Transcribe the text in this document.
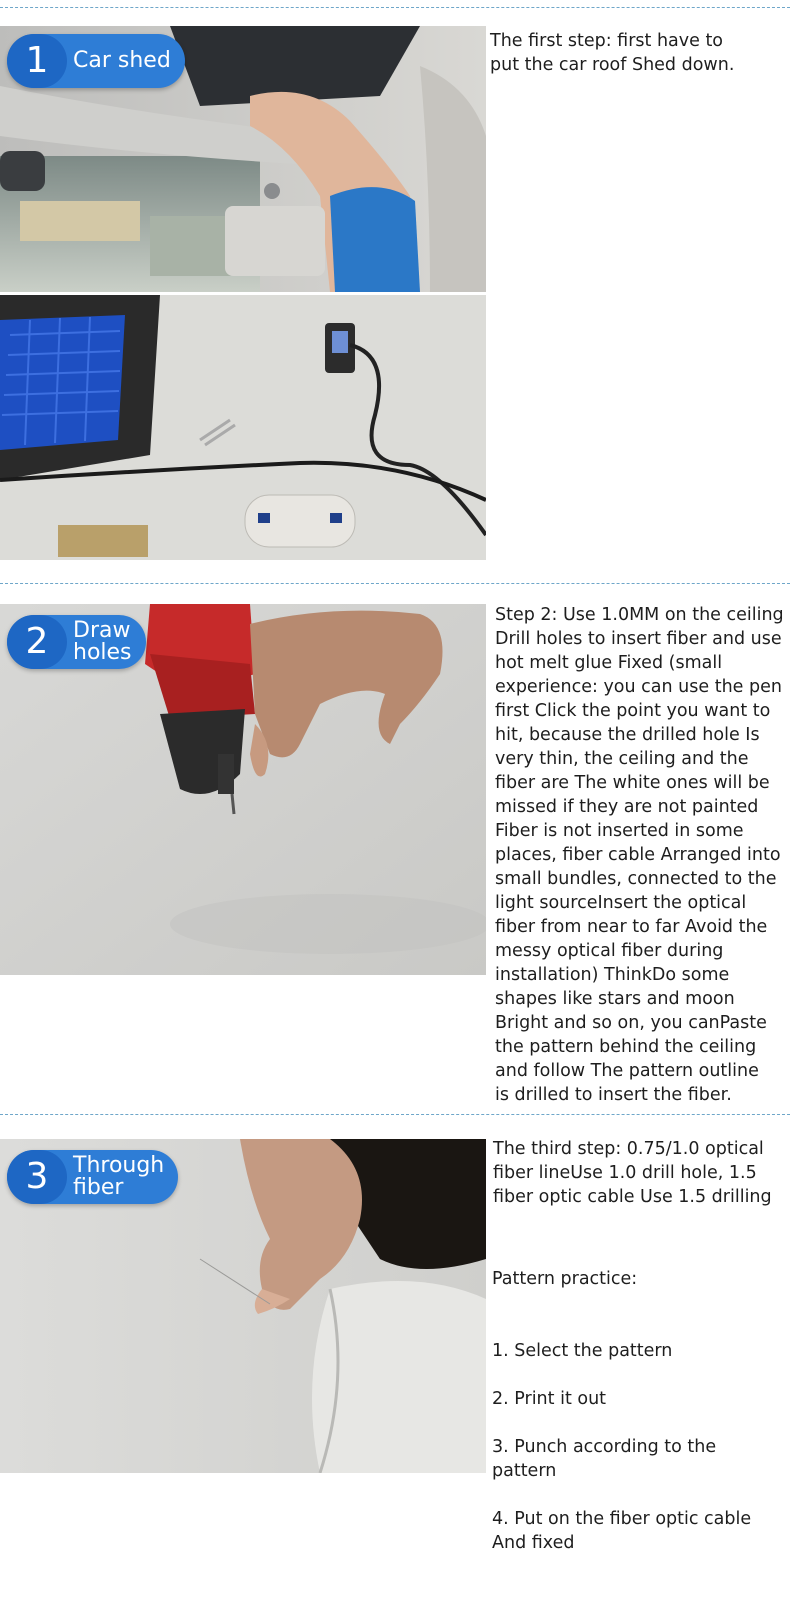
1	Car shed
The first step: first have to
put the car roof Shed down.
2	Draw
holes
Step 2: Use 1.0MM on the ceiling
Drill holes to insert fiber and use
hot melt glue Fixed (small
experience: you can use the pen
first Click the point you want to
hit, because the drilled hole Is
very thin, the ceiling and the
fiber are The white ones will be
missed if they are not painted
Fiber is not inserted in some
places, fiber cable Arranged into
small bundles, connected to the
light sourceInsert the optical
fiber from near to far Avoid the
messy optical fiber during
installation) ThinkDo some
shapes like stars and moon
Bright and so on, you canPaste
the pattern behind the ceiling
and follow The pattern outline
is drilled to insert the fiber.
3	Through
fiber
The third step: 0.75/1.0 optical
fiber lineUse 1.0 drill hole, 1.5
fiber optic cable Use 1.5 drilling

Pattern practice:

1. Select the pattern

2. Print it out

3. Punch according to the
pattern

4. Put on the fiber optic cable
And fixed
